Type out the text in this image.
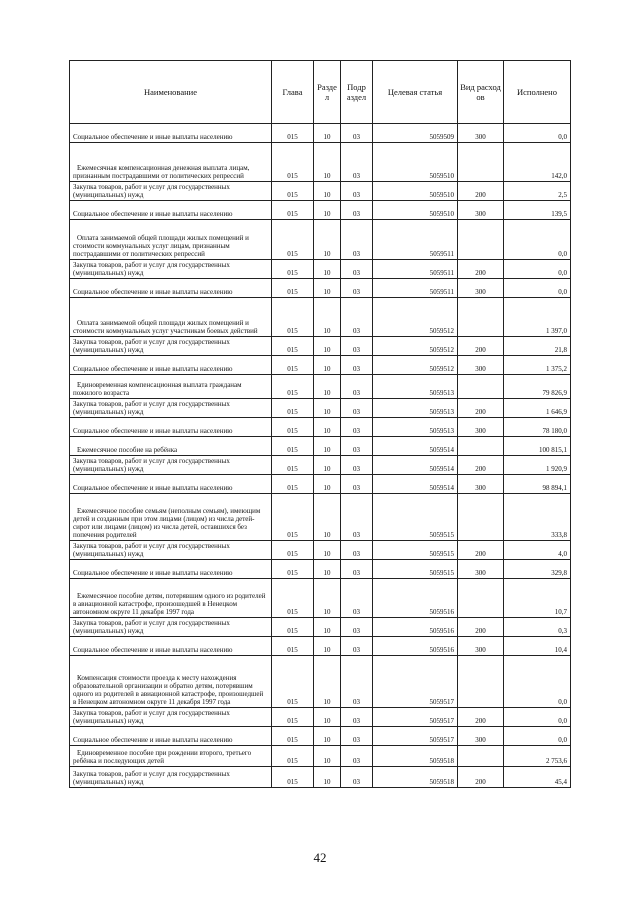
Наименование	Глава	Разде л	Подр аздел	Целевая статья	Вид расход ов	Исполнено
Социальное обеспечение и иные выплаты населению	015	10	03	5059509	300	0,0
Ежемесячная компенсационная денежная выплата лицам, признанным пострадавшими от политических репрессий	015	10	03	5059510		142,0
Закупка товаров, работ и услуг для государственных (муниципальных) нужд	015	10	03	5059510	200	2,5
Социальное обеспечение и иные выплаты населению	015	10	03	5059510	300	139,5
Оплата занимаемой общей площади жилых помещений и стоимости коммунальных услуг лицам, признанным пострадавшими от политических репрессий	015	10	03	5059511		0,0
Закупка товаров, работ и услуг для государственных (муниципальных) нужд	015	10	03	5059511	200	0,0
Социальное обеспечение и иные выплаты населению	015	10	03	5059511	300	0,0
Оплата занимаемой общей площади жилых помещений и стоимости коммунальных услуг участникам боевых действий	015	10	03	5059512		1 397,0
Закупка товаров, работ и услуг для государственных (муниципальных) нужд	015	10	03	5059512	200	21,8
Социальное обеспечение и иные выплаты населению	015	10	03	5059512	300	1 375,2
Единовременная компенсационная выплата гражданам пожилого возраста	015	10	03	5059513		79 826,9
Закупка товаров, работ и услуг для государственных (муниципальных) нужд	015	10	03	5059513	200	1 646,9
Социальное обеспечение и иные выплаты населению	015	10	03	5059513	300	78 180,0
Ежемесячное пособие на ребёнка	015	10	03	5059514		100 815,1
Закупка товаров, работ и услуг для государственных (муниципальных) нужд	015	10	03	5059514	200	1 920,9
Социальное обеспечение и иные выплаты населению	015	10	03	5059514	300	98 894,1
Ежемесячное пособие семьям (неполным семьям), имеющим детей и созданным при этом лицами (лицом) из числа детей-сирот или лицами (лицом) из числа детей, оставшихся без попечения родителей	015	10	03	5059515		333,8
Закупка товаров, работ и услуг для государственных (муниципальных) нужд	015	10	03	5059515	200	4,0
Социальное обеспечение и иные выплаты населению	015	10	03	5059515	300	329,8
Ежемесячное пособие детям, потерявшим одного из родителей в авиационной катастрофе, произошедшей в Ненецком автономном округе 11 декабря 1997 года	015	10	03	5059516		10,7
Закупка товаров, работ и услуг для государственных (муниципальных) нужд	015	10	03	5059516	200	0,3
Социальное обеспечение и иные выплаты населению	015	10	03	5059516	300	10,4
Компенсация стоимости проезда к месту нахождения образовательной организации и обратно детям, потерявшим одного из родителей в авиационной катастрофе, произошедшей в Ненецком автономном округе 11 декабря 1997 года	015	10	03	5059517		0,0
Закупка товаров, работ и услуг для государственных (муниципальных) нужд	015	10	03	5059517	200	0,0
Социальное обеспечение и иные выплаты населению	015	10	03	5059517	300	0,0
Единовременное пособие при рождении второго, третьего ребёнка и последующих детей	015	10	03	5059518		2 753,6
Закупка товаров, работ и услуг для государственных (муниципальных) нужд	015	10	03	5059518	200	45,4
42
